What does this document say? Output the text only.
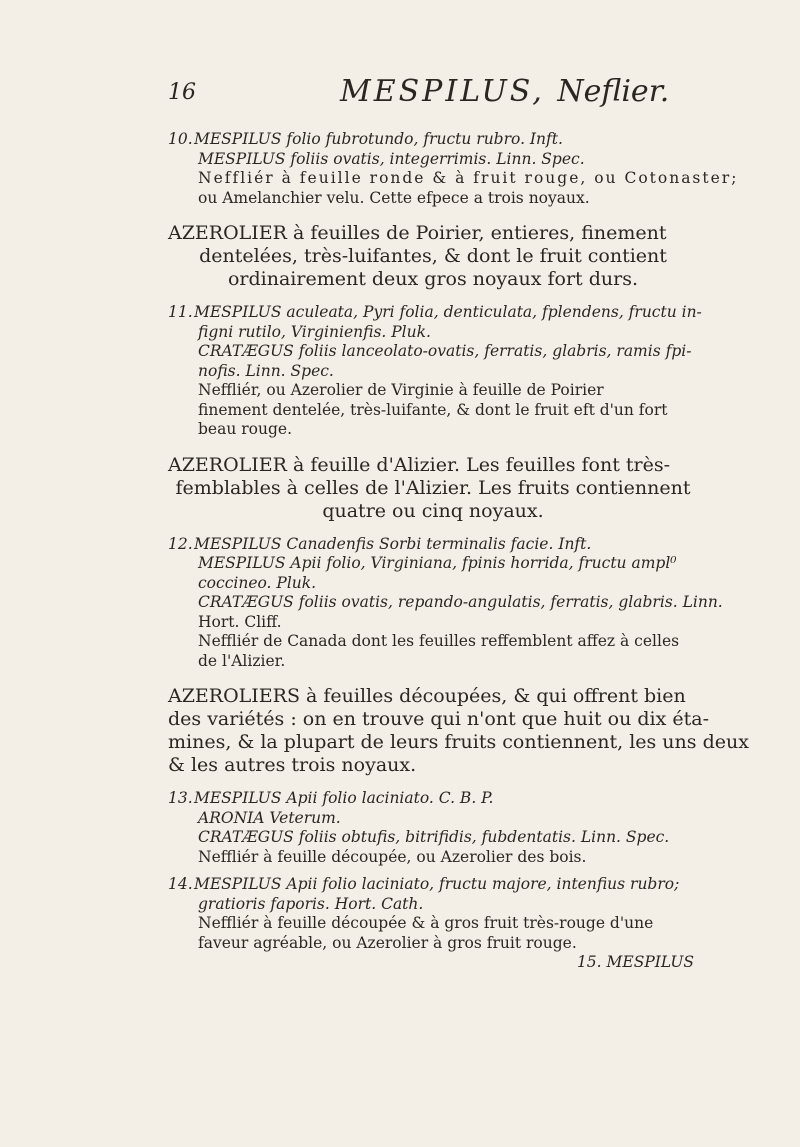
16	MESPILUS, Neflier.
10.MESPILUS folio fubrotundo, fructu rubro. Inft.
MESPILUS foliis ovatis, integerrimis. Linn. Spec.
Neffliér à feuille ronde & à fruit rouge, ou Cotonaster;
ou Amelanchier velu. Cette efpece a trois noyaux.
AZEROLIER à feuilles de Poirier, entieres, finement
dentelées, très-luifantes, & dont le fruit contient
ordinairement deux gros noyaux fort durs.
11.MESPILUS aculeata, Pyri folia, denticulata, fplendens, fructu in-
figni rutilo, Virginienfis. Pluk.
CRATÆGUS foliis lanceolato-ovatis, ferratis, glabris, ramis fpi-
nofis. Linn. Spec.
Neffliér, ou Azerolier de Virginie à feuille de Poirier
finement dentelée, très-luifante, & dont le fruit eft d'un fort
beau rouge.
AZEROLIER à feuille d'Alizier. Les feuilles font très-
femblables à celles de l'Alizier. Les fruits contiennent
quatre ou cinq noyaux.
12.MESPILUS Canadenfis Sorbi terminalis facie. Inft.
MESPILUS Apii folio, Virginiana, fpinis horrida, fructu ampl⁰
coccineo. Pluk.
CRATÆGUS foliis ovatis, repando-angulatis, ferratis, glabris. Linn.
Hort. Cliff.
Neffliér de Canada dont les feuilles reffemblent affez à celles
de l'Alizier.
AZEROLIERS à feuilles découpées, & qui offrent bien
des variétés : on en trouve qui n'ont que huit ou dix éta-
mines, & la plupart de leurs fruits contiennent, les uns deux
& les autres trois noyaux.
13.MESPILUS Apii folio laciniato. C. B. P.
ARONIA Veterum.
CRATÆGUS foliis obtufis, bitrifidis, fubdentatis. Linn. Spec.
Neffliér à feuille découpée, ou Azerolier des bois.
14.MESPILUS Apii folio laciniato, fructu majore, intenfius rubro;
gratioris faporis. Hort. Cath.
Neffliér à feuille découpée & à gros fruit très-rouge d'une
faveur agréable, ou Azerolier à gros fruit rouge.
15. MESPILUS
